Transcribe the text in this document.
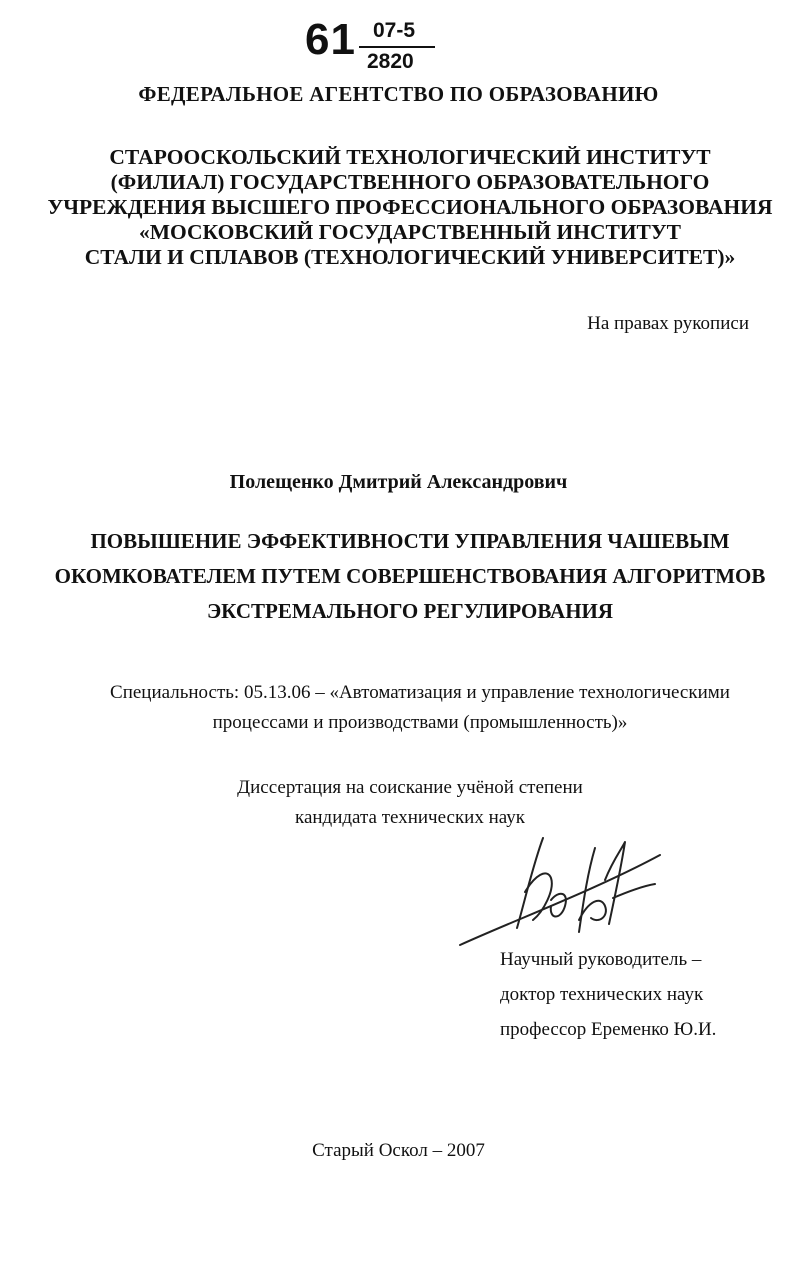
61 07-5
2820
ФЕДЕРАЛЬНОЕ АГЕНТСТВО ПО ОБРАЗОВАНИЮ
СТАРООСКОЛЬСКИЙ ТЕХНОЛОГИЧЕСКИЙ ИНСТИТУТ
(ФИЛИАЛ) ГОСУДАРСТВЕННОГО ОБРАЗОВАТЕЛЬНОГО
УЧРЕЖДЕНИЯ ВЫСШЕГО ПРОФЕССИОНАЛЬНОГО ОБРАЗОВАНИЯ
«МОСКОВСКИЙ ГОСУДАРСТВЕННЫЙ ИНСТИТУТ
СТАЛИ И СПЛАВОВ (ТЕХНОЛОГИЧЕСКИЙ УНИВЕРСИТЕТ)»
На правах рукописи
Полещенко Дмитрий Александрович
ПОВЫШЕНИЕ ЭФФЕКТИВНОСТИ УПРАВЛЕНИЯ ЧАШЕВЫМ
ОКОМКОВАТЕЛЕМ ПУТЕМ СОВЕРШЕНСТВОВАНИЯ АЛГОРИТМОВ
ЭКСТРЕМАЛЬНОГО РЕГУЛИРОВАНИЯ
Специальность: 05.13.06 – «Автоматизация и управление технологическими
процессами и производствами (промышленность)»
Диссертация на соискание учёной степени
кандидата технических наук
Научный руководитель –
доктор технических наук
профессор Еременко Ю.И.
Старый Оскол – 2007
